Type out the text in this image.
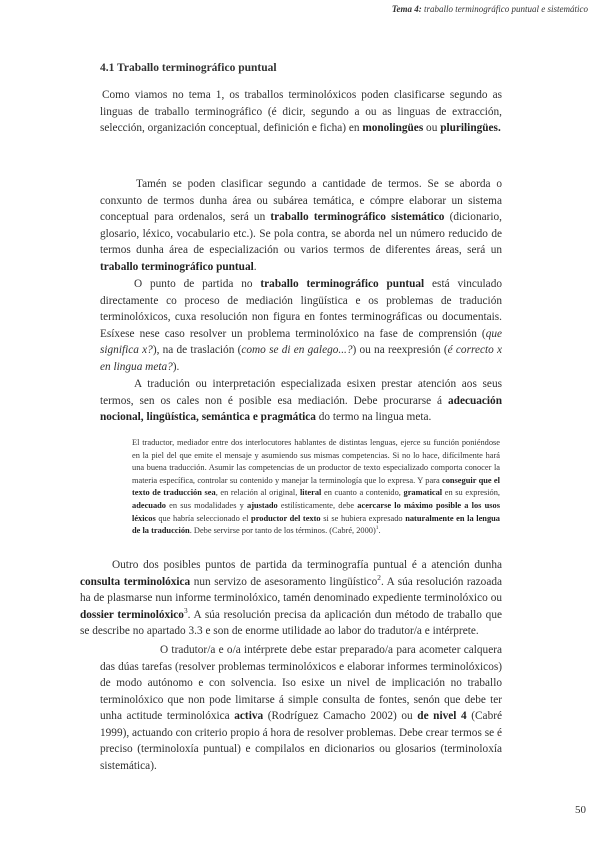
Tema 4: traballo terminográfico puntual e sistemático
4.1 Traballo terminográfico puntual

Como viamos no tema 1, os traballos terminolóxicos poden clasificarse segundo as linguas de traballo terminográfico (é dicir, segundo a ou as linguas de extracción, selección, organización conceptual, definición e ficha) en monolingües ou plurilingües.

Tamén se poden clasificar segundo a cantidade de termos. Se se aborda o conxunto de termos dunha área ou subárea temática, e cómpre elaborar un sistema conceptual para ordenalos, será un traballo terminográfico sistemático (dicionario, glosario, léxico, vocabulario etc.). Se pola contra, se aborda nel un número reducido de termos dunha área de especialización ou varios termos de diferentes áreas, será un traballo terminográfico puntual.

O punto de partida no traballo terminográfico puntual está vinculado directamente co proceso de mediación lingüística e os problemas de tradución terminolóxicos, cuxa resolución non figura en fontes terminográficas ou documentais. Esíxese nese caso resolver un problema terminolóxico na fase de comprensión (que significa x?), na de traslación (como se di en galego...?) ou na reexpresión (é correcto x en lingua meta?).

A tradución ou interpretación especializada esixen prestar atención aos seus termos, sen os cales non é posible esa mediación. Debe procurarse á adecuación nocional, lingüística, semántica e pragmática do termo na lingua meta.

El traductor, mediador entre dos interlocutores hablantes de distintas lenguas, ejerce su función poniéndose en la piel del que emite el mensaje y asumiendo sus mismas competencias. Si no lo hace, difícilmente hará una buena traducción. Asumir las competencias de un productor de texto especializado comporta conocer la materia específica, controlar su contenido y manejar la terminología que lo expresa. Y para conseguir que el texto de traducción sea, en relación al original, literal en cuanto a contenido, gramatical en su expresión, adecuado en sus modalidades y ajustado estilísticamente, debe acercarse lo máximo posible a los usos léxicos que habría seleccionado el productor del texto si se hubiera expresado naturalmente en la lengua de la traducción. Debe servirse por tanto de los términos. (Cabré, 2000)$^1$.

Outro dos posibles puntos de partida da terminografía puntual é a atención dunha consulta terminolóxica nun servizo de asesoramento lingüístico$^2$. A súa resolución razoada ha de plasmarse nun informe terminolóxico, tamén denominado expediente terminolóxico ou dossier terminolóxico$^3$. A súa resolución precisa da aplicación dun método de traballo que se describe no apartado 3.3 e son de enorme utilidade ao labor do tradutor/a e intérprete.

O tradutor/a e o/a intérprete debe estar preparado/a para acometer calquera das dúas tarefas (resolver problemas terminolóxicos e elaborar informes terminolóxicos) de modo autónomo e con solvencia. Iso esixe un nivel de implicación no traballo terminolóxico que non pode limitarse á simple consulta de fontes, senón que debe ter unha actitude terminolóxica activa (Rodríguez Camacho 2002) ou de nivel 4 (Cabré 1999), actuando con criterio propio á hora de resolver problemas. Debe crear termos se é preciso (terminoloxía puntual) e compilalos en dicionarios ou glosarios (terminoloxía sistemática).

50
